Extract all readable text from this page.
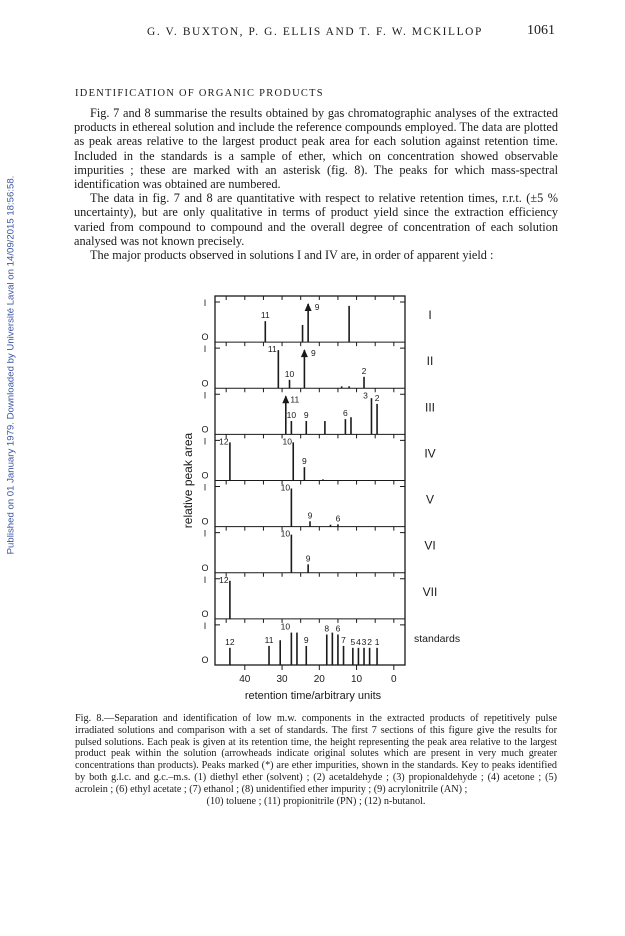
Published on 01 January 1979. Downloaded by Université Laval on 14/09/2015 18:56:58.
G. V. BUXTON, P. G. ELLIS AND T. F. W. MCKILLOP	1061
IDENTIFICATION OF ORGANIC PRODUCTS

Fig. 7 and 8 summarise the results obtained by gas chromatographic analyses of the extracted products in ethereal solution and include the reference compounds employed. The data are plotted as peak areas relative to the largest product peak area for each solution against retention time. Included in the standards is a sample of ether, which on concentration showed observable impurities ; these are marked with an asterisk (fig. 8). The peaks for which mass-spectral identification was obtained are numbered.

The data in fig. 7 and 8 are quantitative with respect to relative retention times, r.r.t. (±5 % uncertainty), but are only qualitative in terms of product yield since the extraction efficiency varied from compound to compound and the overall degree of concentration of each solution analysed was not known precisely.

The major products observed in solutions I and IV are, in order of apparent yield :

I
O
I
I
O
II
I
O
III
I
O
IV
I
O
V
I
O
VI
I
O
VII
I
O
standards
40	30	20	10	0
relative peak area
retention time/arbitrary units
11
9
11
10
9
2
11
10 9	6
3 2
12	10
9
10
9	6
10
9
12
12	11
10
9
8 6
7 5 4 3 2 1
Fig. 8.—Separation and identification of low m.w. components in the extracted products of repetitively pulse irradiated solutions and comparison with a set of standards. The first 7 sections of this figure give the results for pulsed solutions. Each peak is given at its retention time, the height representing the peak area relative to the largest product peak within the solution (arrowheads indicate original solutes which are present in very much greater concentrations than products). Peaks marked (*) are ether impurities, shown in the standards. Key to peaks identified by both g.l.c. and g.c.–m.s. (1) diethyl ether (solvent) ; (2) acetaldehyde ; (3) propionaldehyde ; (4) acetone ; (5) acrolein ; (6) ethyl acetate ; (7) ethanol ; (8) unidentified ether impurity ; (9) acrylonitrile (AN) ;
(10) toluene ; (11) propionitrile (PN) ; (12) n-butanol.
